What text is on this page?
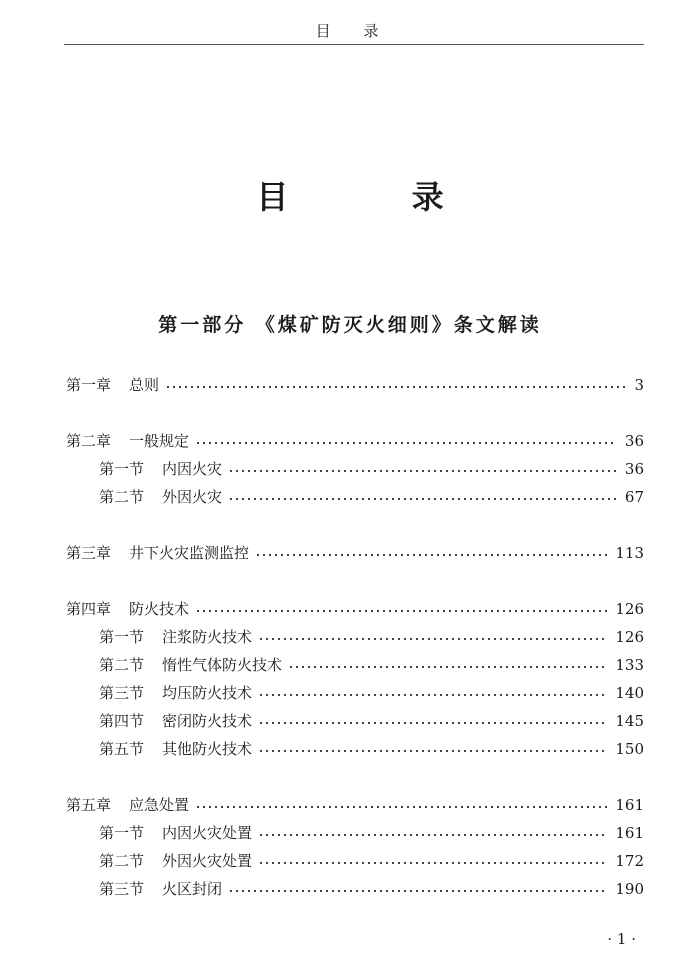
目 录
目 录
第一部分 《煤矿防灭火细则》条文解读
第一章 总则	3
第二章 一般规定	36
第一节 内因火灾	36
第二节 外因火灾	67
第三章 井下火灾监测监控	113
第四章 防火技术	126
第一节 注浆防火技术	126
第二节 惰性气体防火技术	133
第三节 均压防火技术	140
第四节 密闭防火技术	145
第五节 其他防火技术	150
第五章 应急处置	161
第一节 内因火灾处置	161
第二节 外因火灾处置	172
第三节 火区封闭	190
· 1 ·
